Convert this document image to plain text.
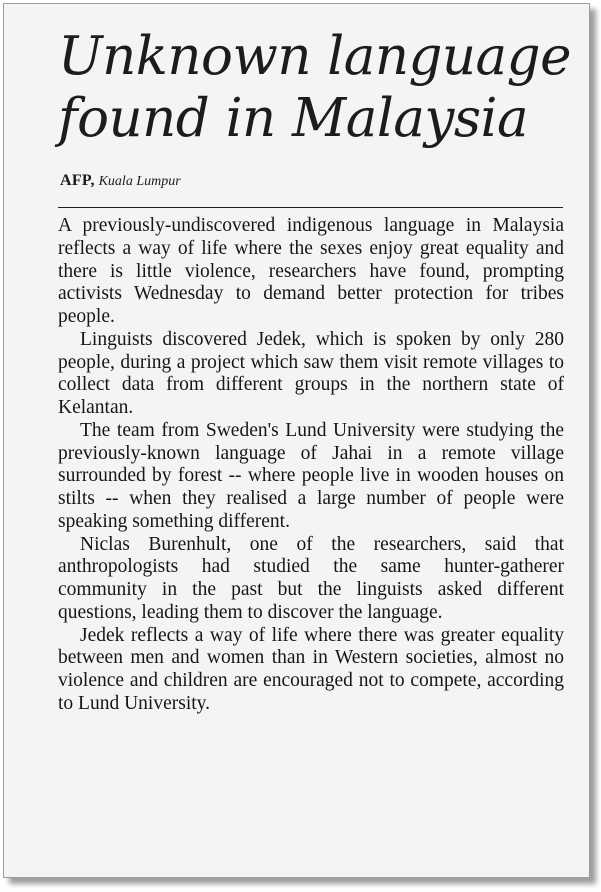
Unknown language found in Malaysia
AFP, Kuala Lumpur

A previously-undiscovered indigenous language in Malaysia reflects a way of life where the sexes enjoy great equality and there is little violence, researchers have found, prompting activists Wednesday to demand better protection for tribes people.

Linguists discovered Jedek, which is spoken by only 280 people, during a project which saw them visit remote villages to collect data from different groups in the northern state of Kelantan.

The team from Sweden's Lund University were studying the previously-known language of Jahai in a remote village surrounded by forest -- where people live in wooden houses on stilts -- when they realised a large number of people were speaking something different.

Niclas Burenhult, one of the researchers, said that anthropologists had studied the same hunter-gatherer community in the past but the linguists asked different questions, leading them to discover the language.

Jedek reflects a way of life where there was greater equality between men and women than in Western societies, almost no violence and children are encouraged not to compete, according to Lund University.
